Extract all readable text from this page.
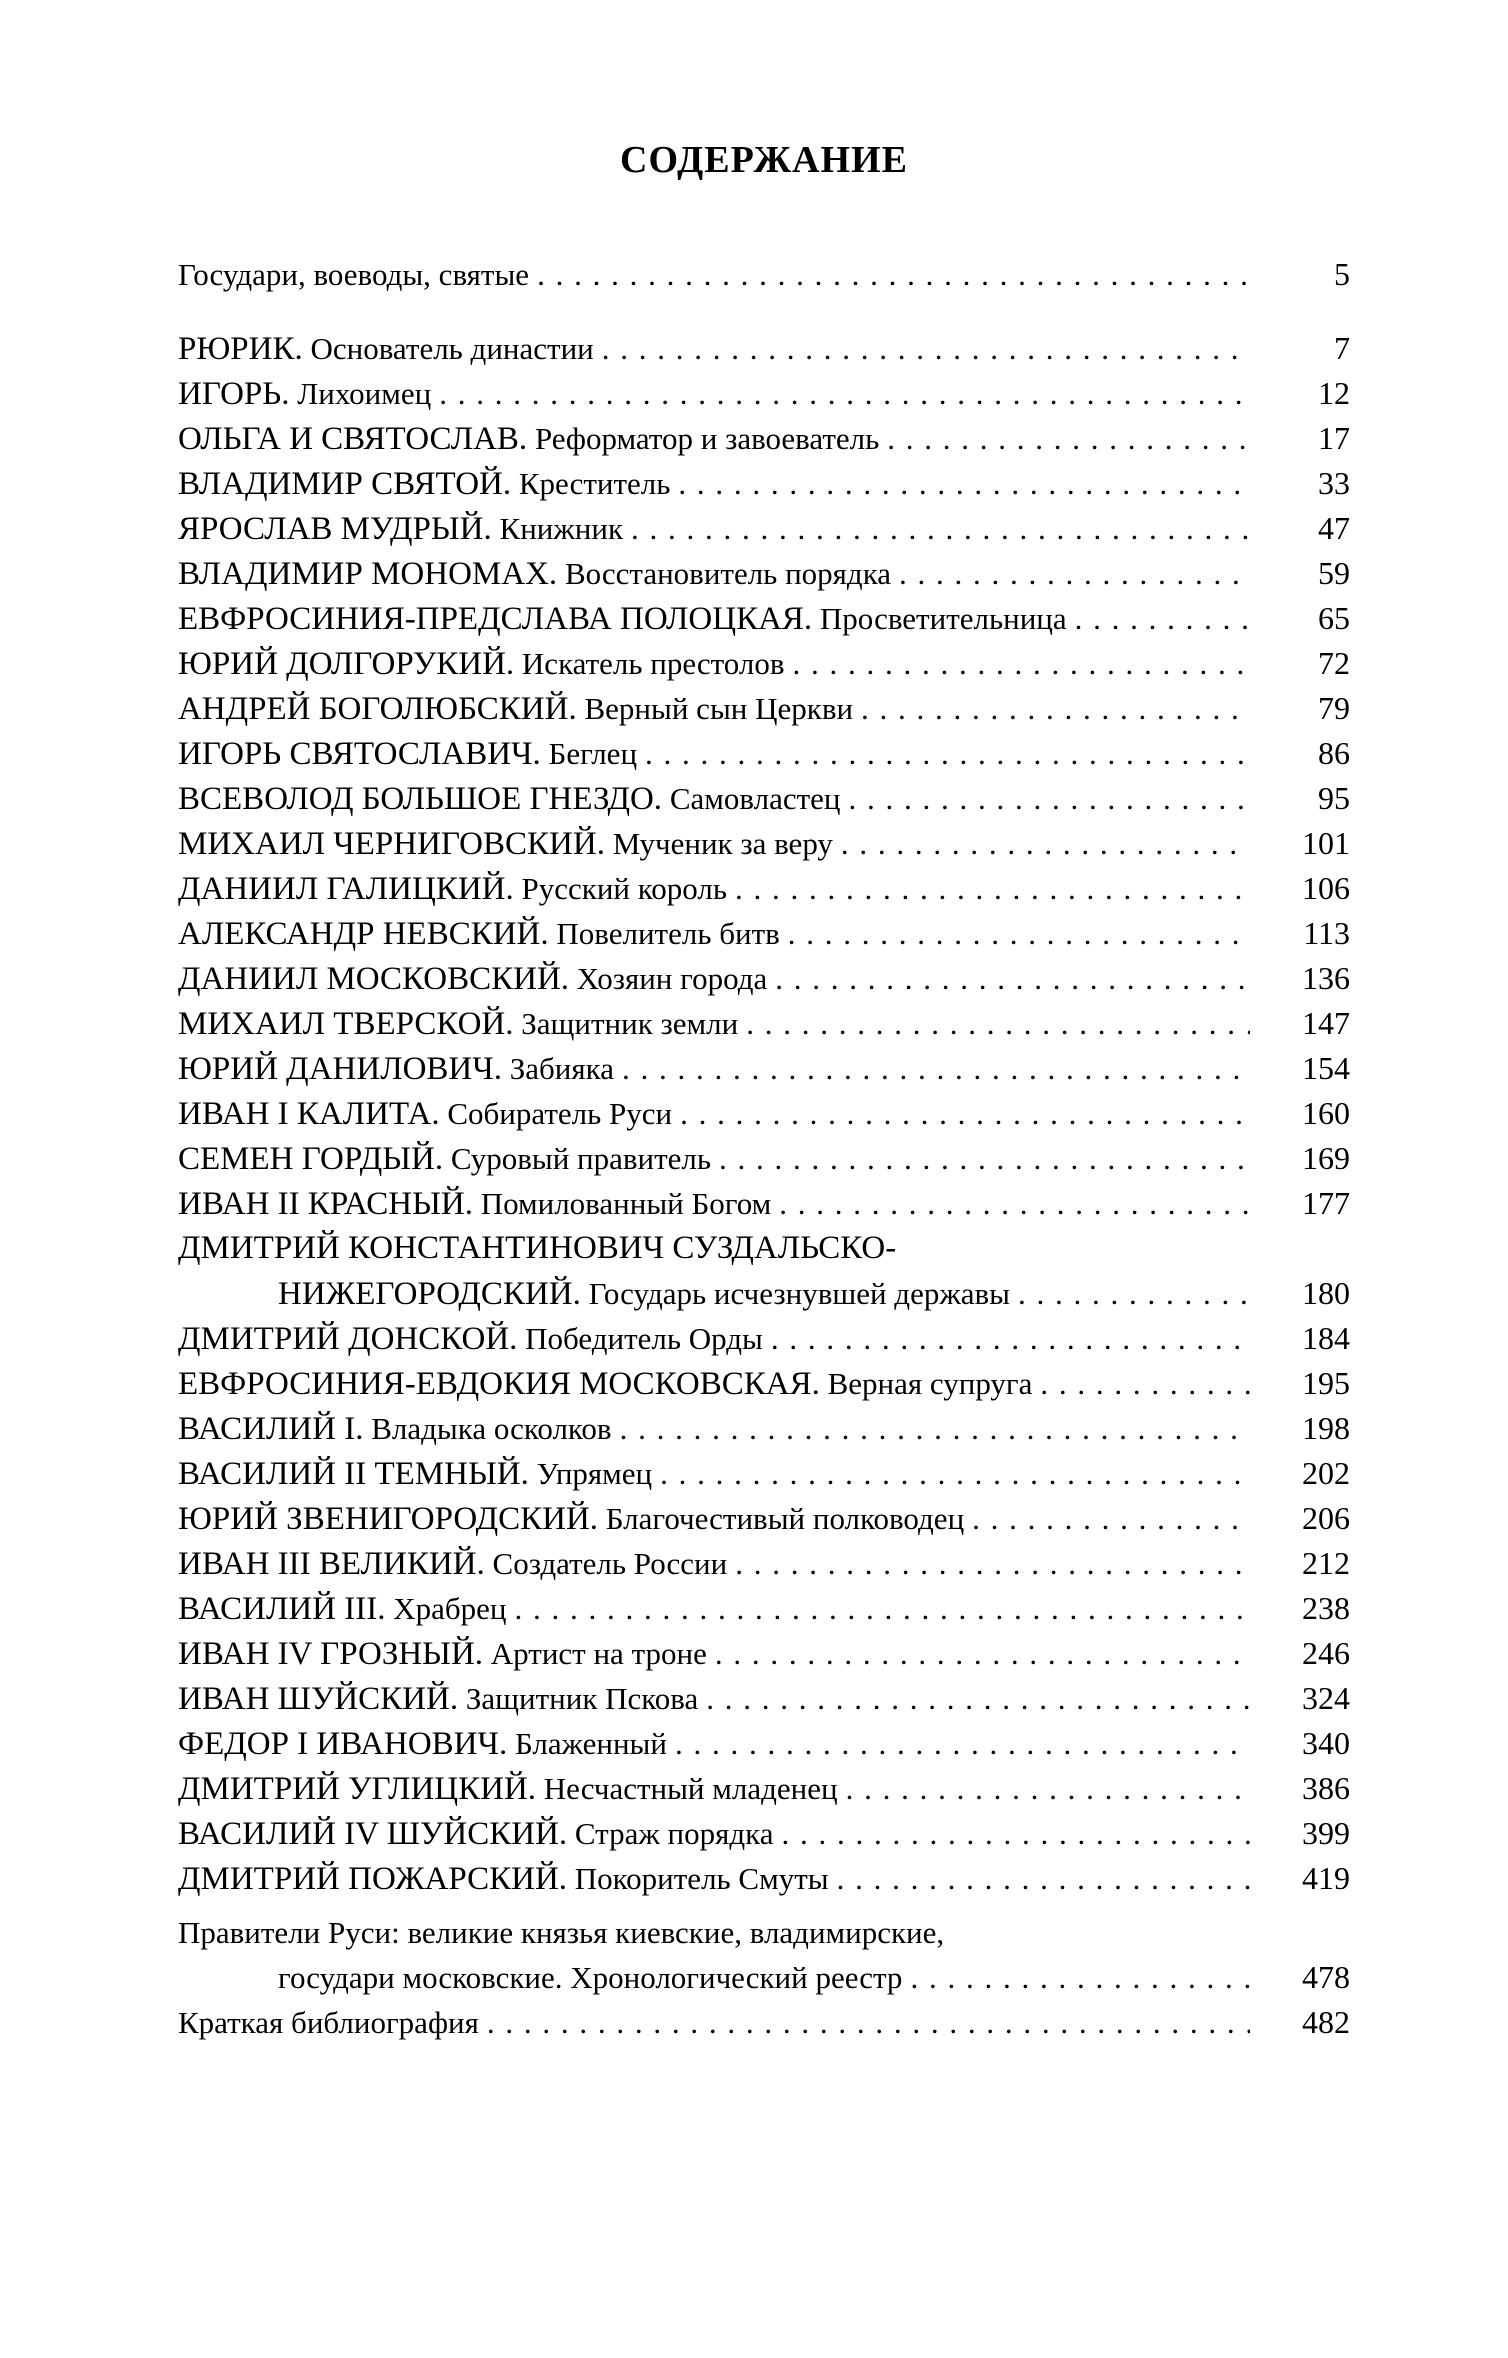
СОДЕРЖАНИЕ
Государи, воеводы, святые . . .	5
РЮРИК. Основатель династии . . .	7
ИГОРЬ. Лихоимец . . .	12
ОЛЬГА И СВЯТОСЛАВ. Реформатор и завоеватель . . .	17
ВЛАДИМИР СВЯТОЙ. Креститель . . .	33
ЯРОСЛАВ МУДРЫЙ. Книжник . . .	47
ВЛАДИМИР МОНОМАХ. Восстановитель порядка . . .	59
ЕВФРОСИНИЯ-ПРЕДСЛАВА ПОЛОЦКАЯ. Просветительница . . .	65
ЮРИЙ ДОЛГОРУКИЙ. Искатель престолов . . .	72
АНДРЕЙ БОГОЛЮБСКИЙ. Верный сын Церкви . . .	79
ИГОРЬ СВЯТОСЛАВИЧ. Беглец . . .	86
ВСЕВОЛОД БОЛЬШОЕ ГНЕЗДО. Самовластец . . .	95
МИХАИЛ ЧЕРНИГОВСКИЙ. Мученик за веру . . .	101
ДАНИИЛ ГАЛИЦКИЙ. Русский король . . .	106
АЛЕКСАНДР НЕВСКИЙ. Повелитель битв . . .	113
ДАНИИЛ МОСКОВСКИЙ. Хозяин города . . .	136
МИХАИЛ ТВЕРСКОЙ. Защитник земли . . .	147
ЮРИЙ ДАНИЛОВИЧ. Забияка . . .	154
ИВАН I КАЛИТА. Собиратель Руси . . .	160
СЕМЕН ГОРДЫЙ. Суровый правитель . . .	169
ИВАН II КРАСНЫЙ. Помилованный Богом . . .	177
ДМИТРИЙ КОНСТАНТИНОВИЧ СУЗДАЛЬСКО-
НИЖЕГОРОДСКИЙ. Государь исчезнувшей державы . . .	180
ДМИТРИЙ ДОНСКОЙ. Победитель Орды . . .	184
ЕВФРОСИНИЯ-ЕВДОКИЯ МОСКОВСКАЯ. Верная супруга . . .	195
ВАСИЛИЙ I. Владыка осколков . . .	198
ВАСИЛИЙ II ТЕМНЫЙ. Упрямец . . .	202
ЮРИЙ ЗВЕНИГОРОДСКИЙ. Благочестивый полководец . . .	206
ИВАН III ВЕЛИКИЙ. Создатель России . . .	212
ВАСИЛИЙ III. Храбрец . . .	238
ИВАН IV ГРОЗНЫЙ. Артист на троне . . .	246
ИВАН ШУЙСКИЙ. Защитник Пскова . . .	324
ФЕДОР I ИВАНОВИЧ. Блаженный . . .	340
ДМИТРИЙ УГЛИЦКИЙ. Несчастный младенец . . .	386
ВАСИЛИЙ IV ШУЙСКИЙ. Страж порядка . . .	399
ДМИТРИЙ ПОЖАРСКИЙ. Покоритель Смуты . . .	419
Правители Руси: великие князья киевские, владимирские,
государи московские. Хронологический реестр . . .	478
Краткая библиография . . .	482
